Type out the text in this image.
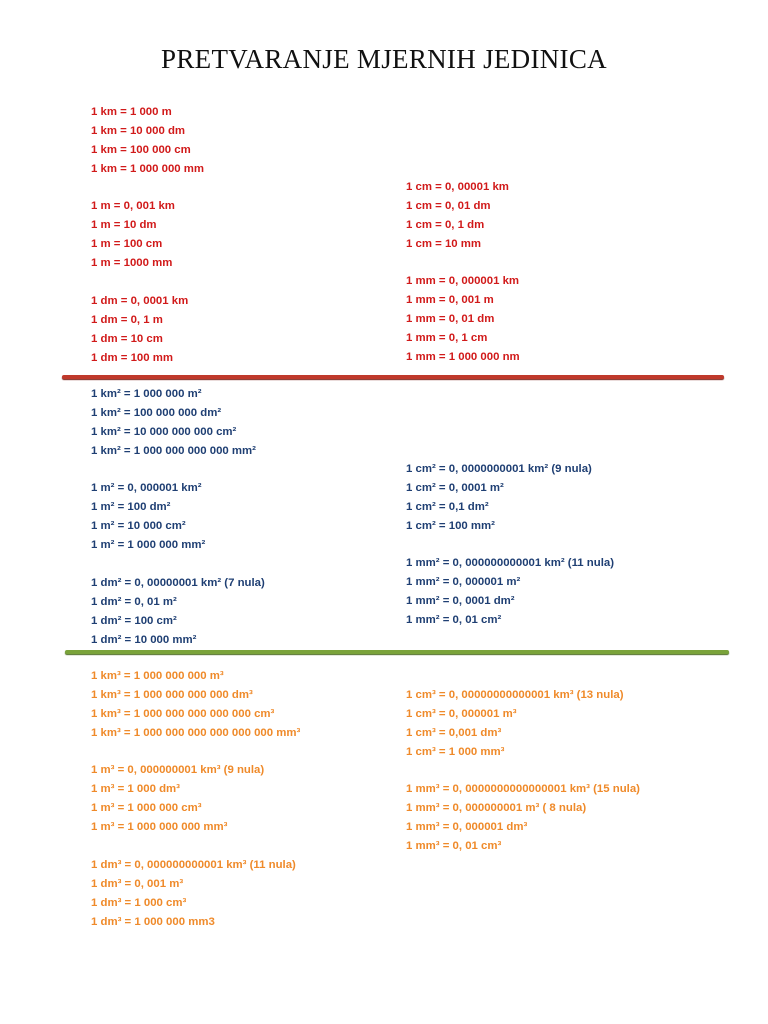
PRETVARANJE MJERNIH JEDINICA
1 km = 1 000 m
1 km = 10 000 dm
1 km = 100 000 cm
1 km = 1 000 000 mm
1 m = 0, 001 km
1 m = 10 dm
1 m = 100 cm
1 m = 1000 mm
1 dm = 0, 0001 km
1 dm = 0, 1 m
1 dm = 10 cm
1 dm = 100 mm
1 cm = 0, 00001 km
1 cm = 0, 01 dm
1 cm = 0, 1 dm
1 cm = 10 mm
1 mm = 0, 000001 km
1 mm = 0, 001 m
1 mm = 0, 01 dm
1 mm = 0, 1 cm
1 mm = 1 000 000 nm
1 km² = 1 000 000 m²
1 km² = 100 000 000 dm²
1 km² = 10 000 000 000 cm²
1 km² = 1 000 000 000 000 mm²
1 m² = 0, 000001 km²
1 m² = 100 dm²
1 m² = 10 000 cm²
1 m² = 1 000 000 mm²
1 dm² = 0, 00000001 km² (7 nula)
1 dm² = 0, 01 m²
1 dm² = 100 cm²
1 dm² = 10 000 mm²
1 cm² = 0, 0000000001 km² (9 nula)
1 cm² = 0, 0001 m²
1 cm² = 0,1 dm²
1 cm² = 100 mm²
1 mm² = 0, 000000000001 km² (11 nula)
1 mm² = 0, 000001 m²
1 mm² = 0, 0001 dm²
1 mm² = 0, 01 cm²
1 km³ = 1 000 000 000 m³
1 km³ = 1 000 000 000 000 dm³
1 km³ = 1 000 000 000 000 000 cm³
1 km³ = 1 000 000 000 000 000 000 mm³
1 m³ = 0, 000000001 km³ (9 nula)
1 m³ = 1 000 dm³
1 m³ = 1 000 000 cm³
1 m³ = 1 000 000 000 mm³
1 dm³ = 0, 000000000001 km³ (11 nula)
1 dm³ = 0, 001 m³
1 dm³ = 1 000 cm³
1 dm³ = 1 000 000 mm3
1 cm³ = 0, 00000000000001 km³ (13 nula)
1 cm³ = 0, 000001 m³
1 cm³ = 0,001 dm³
1 cm³ = 1 000 mm³
1 mm³ = 0, 0000000000000001 km³ (15 nula)
1 mm³ = 0, 000000001 m³ ( 8 nula)
1 mm³ = 0, 000001 dm³
1 mm³ = 0, 01 cm³
